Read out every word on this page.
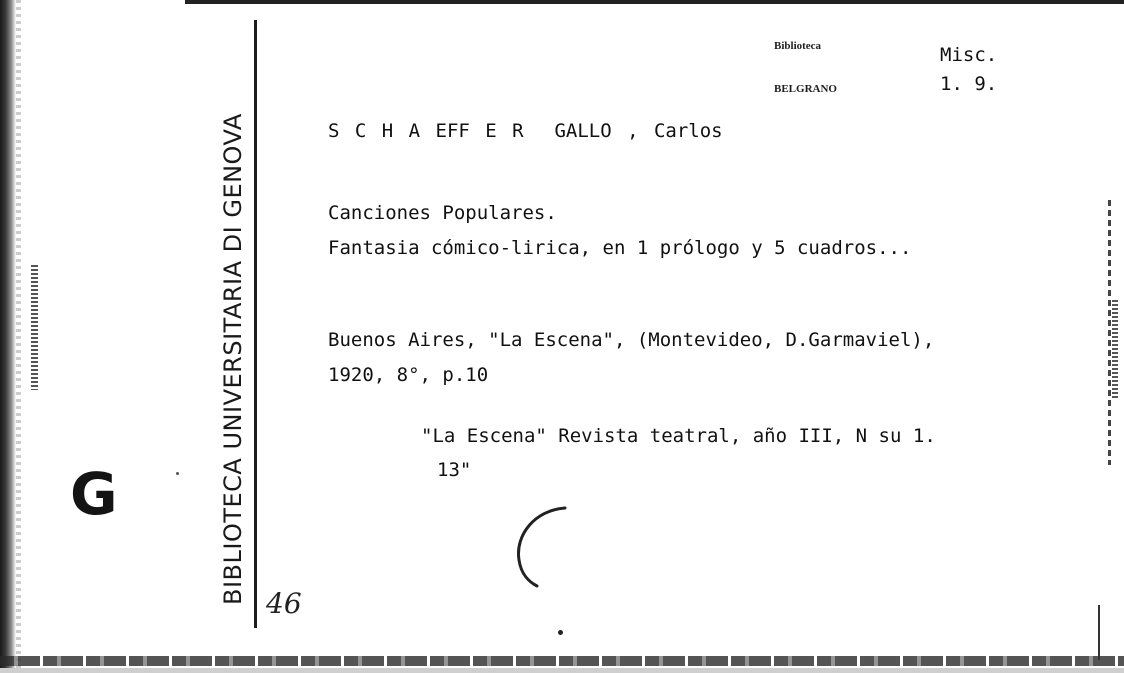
BIBLIOTECA UNIVERSITARIA DI GENOVA
G
Biblioteca
BELGRANO
Misc.
1. 9.
S C H A EFF E R  GALLO , Carlos
Canciones Populares.
Fantasia cómico-lirica, en 1 prólogo y 5 cuadros...
Buenos Aires, "La Escena", (Montevideo, D.Garmaviel),
1920, 8°, p.10
"La Escena" Revista teatral, año III, N su 1.
13"
46
